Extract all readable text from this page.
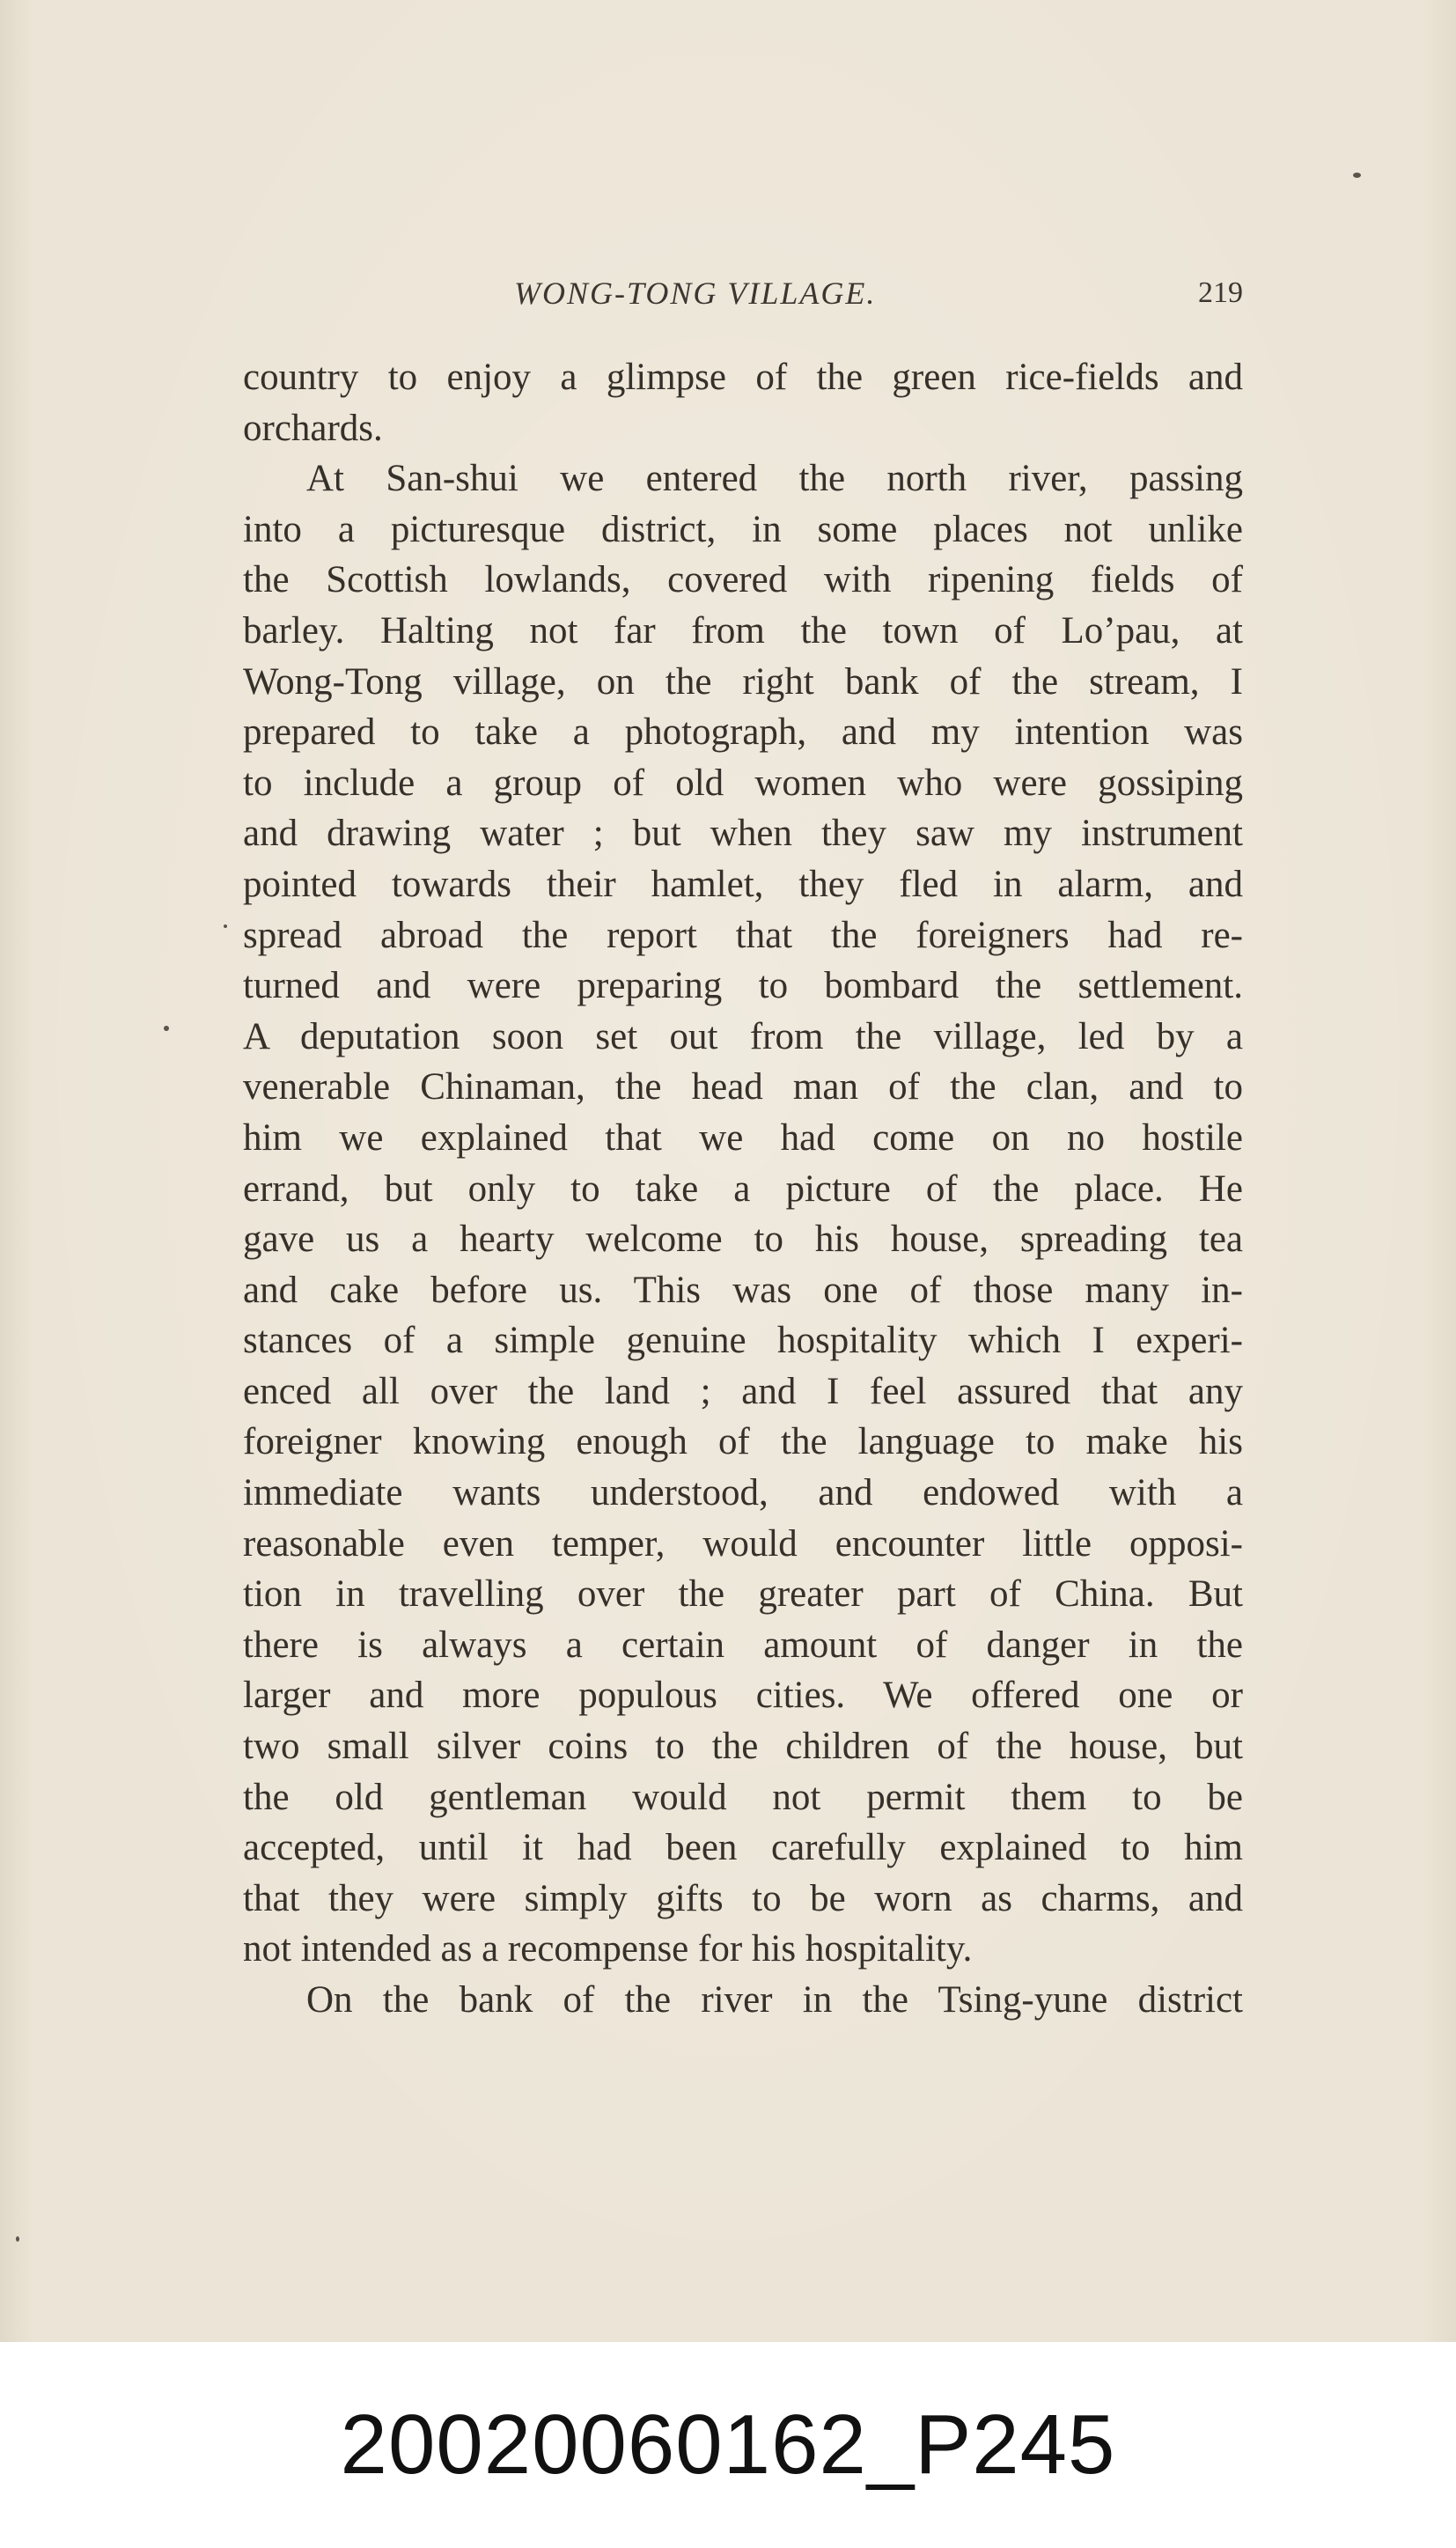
WONG-TONG VILLAGE.	219
country to enjoy a glimpse of the green rice-fields and
orchards.
At San-shui we entered the north river, passing
into a picturesque district, in some places not unlike
the Scottish lowlands, covered with ripening fields of
barley. Halting not far from the town of Lo’pau, at
Wong-Tong village, on the right bank of the stream, I
prepared to take a photograph, and my intention was
to include a group of old women who were gossiping
and drawing water ; but when they saw my instrument
pointed towards their hamlet, they fled in alarm, and
spread abroad the report that the foreigners had re-
turned and were preparing to bombard the settlement.
A deputation soon set out from the village, led by a
venerable Chinaman, the head man of the clan, and to
him we explained that we had come on no hostile
errand, but only to take a picture of the place. He
gave us a hearty welcome to his house, spreading tea
and cake before us. This was one of those many in-
stances of a simple genuine hospitality which I experi-
enced all over the land ; and I feel assured that any
foreigner knowing enough of the language to make his
immediate wants understood, and endowed with a
reasonable even temper, would encounter little opposi-
tion in travelling over the greater part of China. But
there is always a certain amount of danger in the
larger and more populous cities. We offered one or
two small silver coins to the children of the house, but
the old gentleman would not permit them to be
accepted, until it had been carefully explained to him
that they were simply gifts to be worn as charms, and
not intended as a recompense for his hospitality.
On the bank of the river in the Tsing-yune district
20020060162_P245
